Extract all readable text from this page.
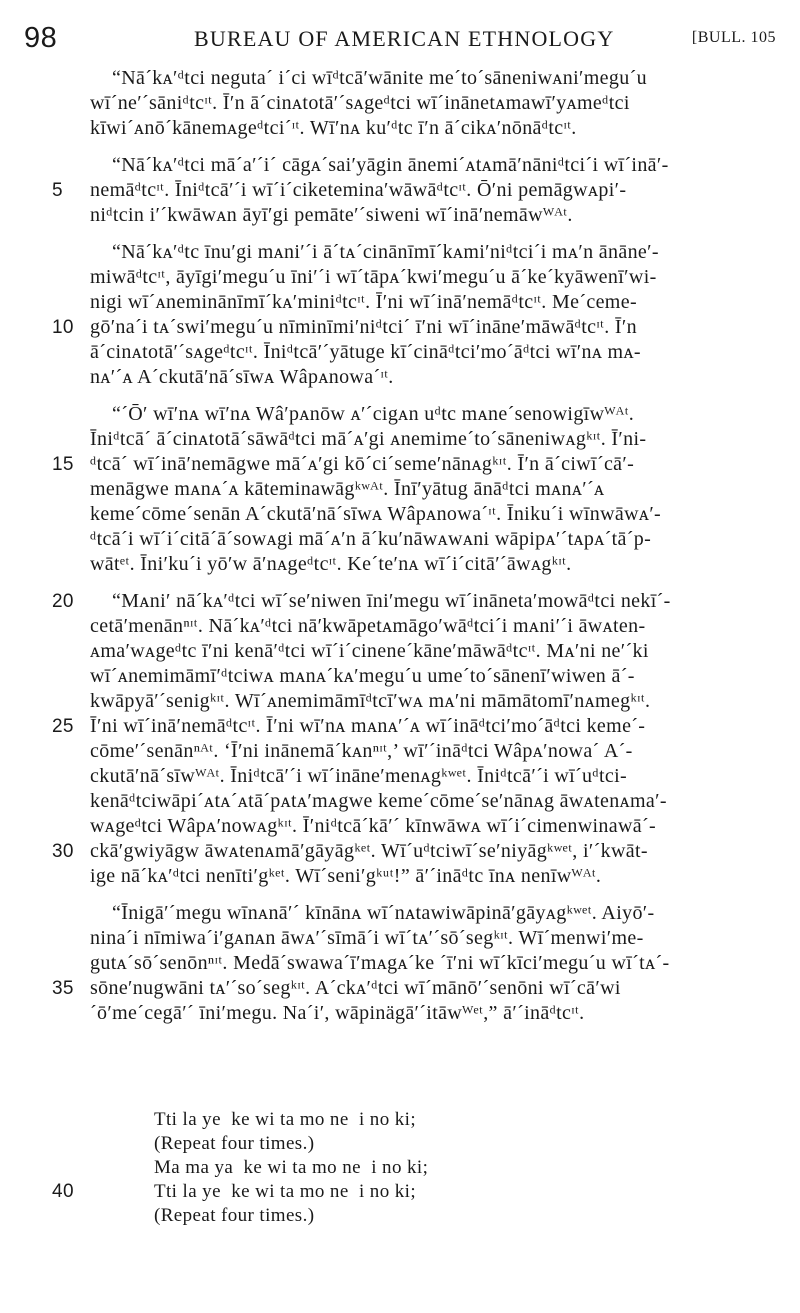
98	BUREAU OF AMERICAN ETHNOLOGY	[BULL. 105
“Nāˊkᴀ′ᵈtci negutaˊ iˊci wīᵈtcā′wānite meˊtoˊsāneniwᴀni′meguˊu
wīˊne′ˊsāniᵈtcᶦᵗ. Ī′n āˊcinᴀtotā′ˊsᴀgeᵈtci wīˊinānetᴀmawī′yᴀmeᵈtci
kīwiˊᴀnōˊkānemᴀgeᵈtciˊᶦᵗ. Wī′nᴀ ku′ᵈtc ī′n āˊcikᴀ′nōnāᵈtcᶦᵗ.
“Nāˊkᴀ′ᵈtci māˊa′ˊiˊ cāgᴀˊsai′yāgin ānemiˊᴀtᴀmā′nāniᵈtciˊi wīˊinā′-
5 nemāᵈtcᶦᵗ. Īniᵈtcā′ˊi wīˊiˊciketemina′wāwāᵈtcᶦᵗ. Ō′ni pemāgwᴀpi′-
niᵈtcin i′ˊkwāwᴀn āyī′gi pemāte′ˊsiweni wīˊinā′nemāwᵂᴬᵗ.
“Nāˊkᴀ′ᵈtc īnu′gi mᴀni′ˊi āˊtᴀˊcinānīmīˊkᴀmi′niᵈtciˊi mᴀ′n ānāne′-
miwāᵈtcᶦᵗ, āyīgi′meguˊu īni′ˊi wīˊtāpᴀˊkwi′meguˊu āˊkeˊkyāwenī′wi-
nigi wīˊᴀneminānīmīˊkᴀ′miniᵈtcᶦᵗ. Ī′ni wīˊinā′nemāᵈtcᶦᵗ. Meˊceme-
10 gō′naˊi tᴀˊswi′meguˊu nīminīmi′niᵈtciˊ ī′ni wīˊināne′māwāᵈtcᶦᵗ. Ī′n
āˊcinᴀtotā′ˊsᴀgeᵈtcᶦᵗ. Īniᵈtcā′ˊyātuge kīˊcināᵈtci′moˊāᵈtci wī′nᴀ mᴀ-
nᴀ′ˊᴀ Aˊckutā′nāˊsīwᴀ Wâpᴀnowaˊᶦᵗ.
“ˊŌ′ wī′nᴀ wī′nᴀ Wâ′pᴀnōw ᴀ′ˊcigᴀn uᵈtc mᴀneˊsenowigīwᵂᴬᵗ.
Īniᵈtcāˊ āˊcinᴀtotāˊsāwāᵈtci māˊᴀ′gi ᴀnemimeˊtoˊsāneniwᴀgᵏᶦᵗ. Ī′ni-
15 ᵈtcāˊ wīˊinā′nemāgwe māˊᴀ′gi kōˊciˊseme′nānᴀgᵏᶦᵗ. Ī′n āˊciwīˊcā′-
menāgwe mᴀnᴀˊᴀ kāteminawāgᵏʷᴬᵗ. Īnī′yātug ānāᵈtci mᴀnᴀ′ˊᴀ
kemeˊcōmeˊsenān Aˊckutā′nāˊsīwᴀ Wâpᴀnowaˊᶦᵗ. Īnikuˊi wīnwāwᴀ′-
ᵈtcāˊi wīˊiˊcitāˊāˊsowᴀgi māˊᴀ′n āˊku′nāwᴀwᴀni wāpipᴀ′ˊtᴀpᴀˊtāˊp-
wātᵉᵗ. Īni′kuˊi yō′w ā′nᴀgeᵈtcᶦᵗ. Keˊte′nᴀ wīˊiˊcitā′ˊāwᴀgᵏᶦᵗ.
20 “Mᴀni′ nāˊkᴀ′ᵈtci wīˊse′niwen īni′megu wīˊināneta′mowāᵈtci nekīˊ-
cetā′menānⁿᶦᵗ. Nāˊkᴀ′ᵈtci nā′kwāpetᴀmāgo′wāᵈtciˊi mᴀni′ˊi āwᴀten-
ᴀma′wᴀgeᵈtc ī′ni kenā′ᵈtci wīˊiˊcineneˊkāne′māwāᵈtcᶦᵗ. Mᴀ′ni ne′ˊki
wīˊᴀnemimāmī′ᵈtciwᴀ mᴀnᴀˊkᴀ′meguˊu umeˊtoˊsānenī′wiwen āˊ-
kwāpyā′ˊsenigᵏᶦᵗ. Wīˊᴀnemimāmīᵈtcī′wᴀ mᴀ′ni māmātomī′nᴀmegᵏᶦᵗ.
25 Ī′ni wīˊinā′nemāᵈtcᶦᵗ. Ī′ni wī′nᴀ mᴀnᴀ′ˊᴀ wīˊināᵈtci′moˊāᵈtci kemeˊ-
cōme′ˊsenānⁿᴬᵗ. ‘Ī′ni inānemāˊkᴀnⁿᶦᵗ,’ wī′ˊināᵈtci Wâpᴀ′nowaˊ Aˊ-
ckutā′nāˊsīwᵂᴬᵗ. Īniᵈtcā′ˊi wīˊināne′menᴀgᵏʷᵉᵗ. Īniᵈtcā′ˊi wīˊuᵈtci-
kenāᵈtciwāpiˊᴀtᴀˊᴀtāˊpᴀtᴀ′mᴀgwe kemeˊcōmeˊse′nānᴀg āwᴀtenᴀma′-
wᴀgeᵈtci Wâpᴀ′nowᴀgᵏᶦᵗ. Ī′niᵈtcāˊkā′ˊ kīnwāwᴀ wīˊiˊcimenwinawāˊ-
30 ckā′gwiyāgw āwᴀtenᴀmā′gāyāgᵏᵉᵗ. Wīˊuᵈtciwīˊse′niyāgᵏʷᵉᵗ, i′ˊkwāt-
ige nāˊkᴀ′ᵈtci nenīti′gᵏᵉᵗ. Wīˊseni′gᵏᵘᵗ!” ā′ˊināᵈtc īnᴀ nenīwᵂᴬᵗ.
“Īnigā′ˊmegu wīnᴀnā′ˊ kīnānᴀ wīˊnᴀtawiwāpinā′gāyᴀgᵏʷᵉᵗ. Aiyō′-
ninaˊi nīmiwaˊi′gᴀnᴀn āwᴀ′ˊsīmāˊi wīˊtᴀ′ˊsōˊsegᵏᶦᵗ. Wīˊmenwi′me-
gutᴀˊsōˊsenōnⁿᶦᵗ. Medāˊswawaˊī′mᴀgᴀˊke ˊī′ni wīˊkīci′meguˊu wīˊtᴀˊ-
35 sōne′nugwāni tᴀ′ˊsoˊsegᵏᶦᵗ. Aˊckᴀ′ᵈtci wīˊmānō′ˊsenōni wīˊcā′wi
ˊō′meˊcegā′ˊ īni′megu. Naˊi′, wāpinägā′ˊitāwᵂᵉᵗ,” ā′ˊināᵈtcᶦᵗ.
Tti la ye  ke wi ta mo ne  i no ki;
(Repeat four times.)
Ma ma ya  ke wi ta mo ne  i no ki;
40	Tti la ye  ke wi ta mo ne  i no ki;
(Repeat four times.)
